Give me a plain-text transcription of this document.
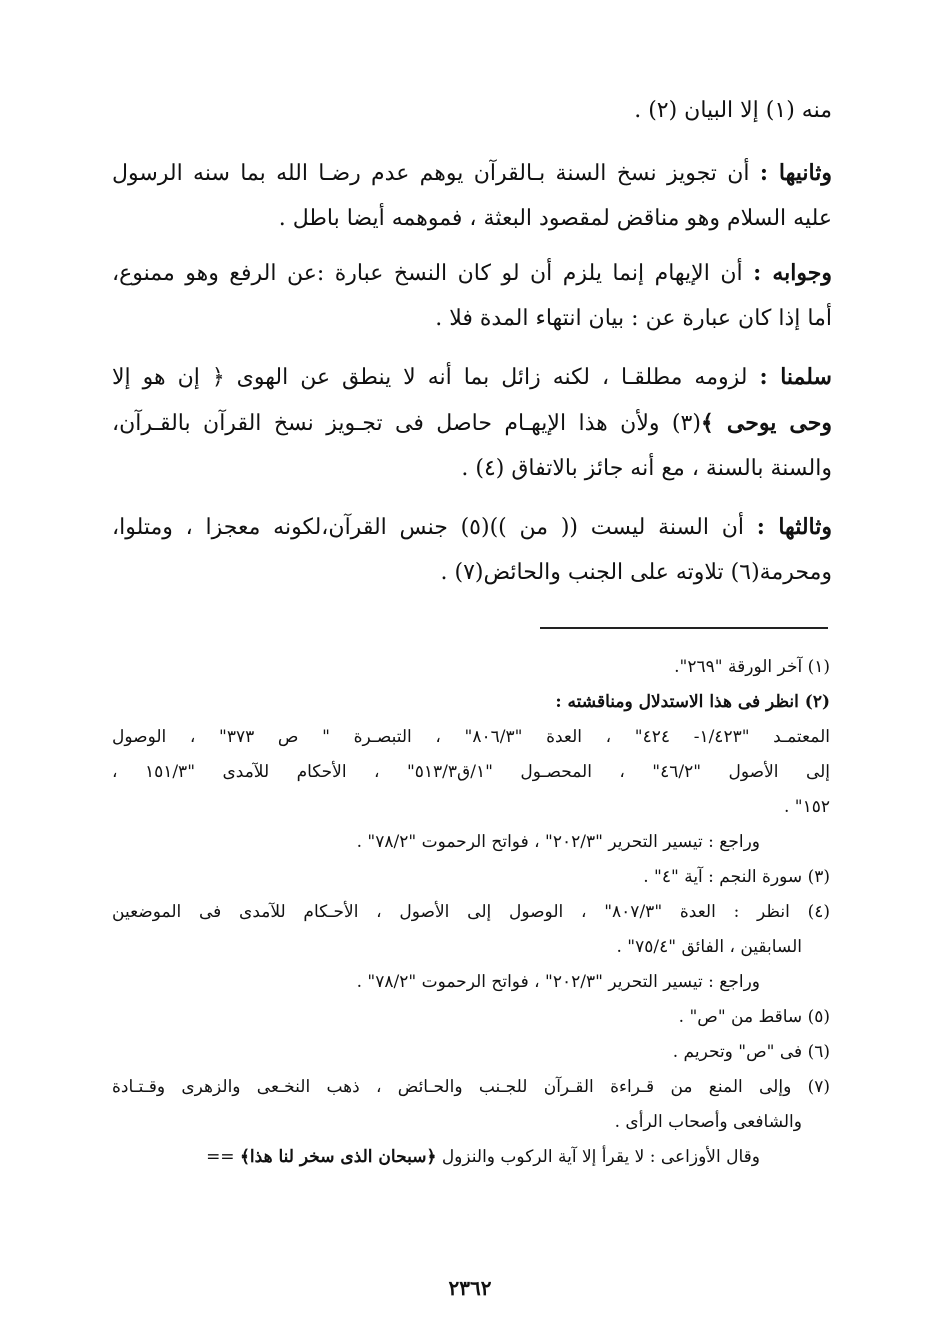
منه (١) إلا البيان (٢) .
وثانيها : أن تجويز نسخ السنة بـالقرآن يوهم عدم رضـا الله بما سنه الرسول
عليه السلام وهو مناقض لمقصود البعثة ، فموهمه أيضا باطل .
وجوابه : أن الإيهام إنما يلزم أن لو كان النسخ عبارة :عن الرفع وهو ممنوع،
أما إذا كان عبارة عن : بيان انتهاء المدة فلا .
سلمنا : لزومه مطلقـا ، لكنه زائل بما أنه لا ينطق عن الهوى ﴿ إن هو إلا
وحى يوحى ﴾(٣) ولأن هذا الإيهـام حاصل فى تجـويز نسخ القرآن بالقـرآن،
والسنة بالسنة ، مع أنه جائز بالاتفاق (٤) .
وثالثها : أن السنة ليست (( من ))(٥) جنس القرآن،لكونه معجزا ، ومتلوا،
ومحرمة(٦) تلاوته على الجنب والحائض(٧) .
(١) آخر الورقة "٢٦٩".
(٢) انظر فى هذا الاستدلال ومناقشته :
المعتمـد "١/٤٢٣- ٤٢٤" ، العدة "٨٠٦/٣" ، التبصـرة " ص ٣٧٣" ، الوصول
إلى الأصول "٤٦/٢" ، المحصـول "١/ق٥١٣/٣" ، الأحكام للآمدى "١٥١/٣ ،
١٥٢" .
وراجع : تيسير التحرير "٢٠٢/٣" ، فواتح الرحموت "٧٨/٢" .
(٣) سورة النجم : آية "٤" .
(٤) انظر : العدة "٨٠٧/٣" ، الوصول إلى الأصول ، الأحـكام للآمدى فى الموضعين
السابقين ، الفائق "٧٥/٤" .
وراجع : تيسير التحرير "٢٠٢/٣" ، فواتح الرحموت "٧٨/٢" .
(٥) ساقط من "ص" .
(٦) فى "ص" وتحريم .
(٧) وإلى المنع من قـراءة القـرآن للجـنب والحـائض ، ذهب النخـعى والزهرى وقـتـادة
والشافعى وأصحاب الرأى .
وقال الأوزاعى : لا يقرأ إلا آية الركوب والنزول ﴿سبحان الذى سخر لنا هذا﴾ ==
٢٣٦٢
